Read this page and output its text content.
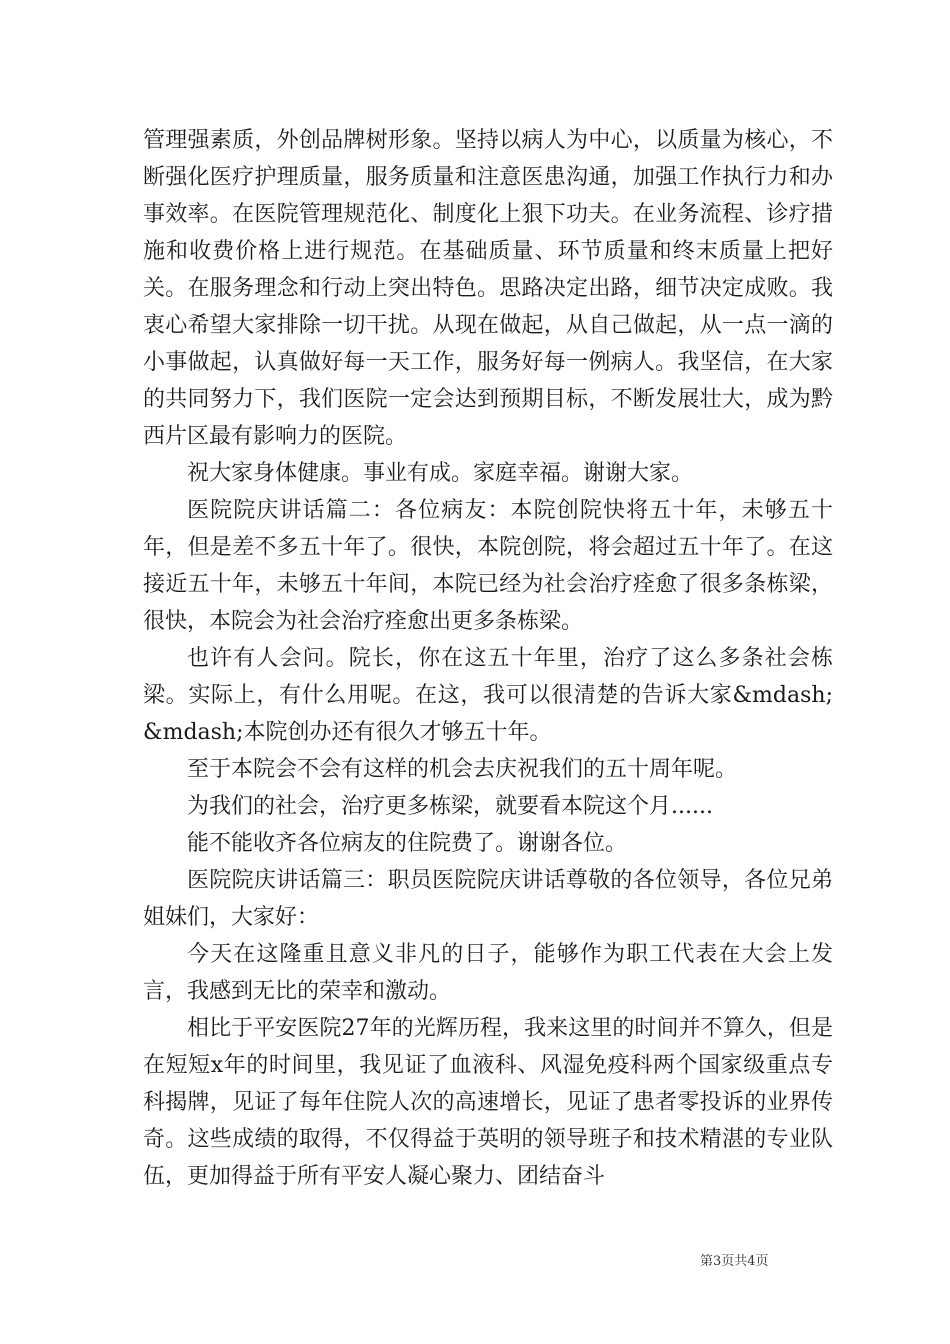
管理强素质，外创品牌树形象。坚持以病人为中心，以质量为核心，不断强化医疗护理质量，服务质量和注意医患沟通，加强工作执行力和办事效率。在医院管理规范化、制度化上狠下功夫。在业务流程、诊疗措施和收费价格上进行规范。在基础质量、环节质量和终末质量上把好关。在服务理念和行动上突出特色。思路决定出路，细节决定成败。我衷心希望大家排除一切干扰。从现在做起，从自己做起，从一点一滴的小事做起，认真做好每一天工作，服务好每一例病人。我坚信，在大家的共同努力下，我们医院一定会达到预期目标，不断发展壮大，成为黔西片区最有影响力的医院。

祝大家身体健康。事业有成。家庭幸福。谢谢大家。

医院院庆讲话篇二：各位病友：本院创院快将五十年，未够五十年，但是差不多五十年了。很快，本院创院，将会超过五十年了。在这接近五十年，未够五十年间，本院已经为社会治疗痊愈了很多条栋梁，很快，本院会为社会治疗痊愈出更多条栋梁。

也许有人会问。院长，你在这五十年里，治疗了这么多条社会栋梁。实际上，有什么用呢。在这，我可以很清楚的告诉大家&mdash;&mdash;本院创办还有很久才够五十年。

至于本院会不会有这样的机会去庆祝我们的五十周年呢。

为我们的社会，治疗更多栋梁，就要看本院这个月......

能不能收齐各位病友的住院费了。谢谢各位。

医院院庆讲话篇三：职员医院院庆讲话尊敬的各位领导，各位兄弟姐妹们，大家好：

今天在这隆重且意义非凡的日子，能够作为职工代表在大会上发言，我感到无比的荣幸和激动。

相比于平安医院27年的光辉历程，我来这里的时间并不算久，但是在短短x年的时间里，我见证了血液科、风湿免疫科两个国家级重点专科揭牌，见证了每年住院人次的高速增长，见证了患者零投诉的业界传奇。这些成绩的取得，不仅得益于英明的领导班子和技术精湛的专业队伍，更加得益于所有平安人凝心聚力、团结奋斗

第3页共4页
